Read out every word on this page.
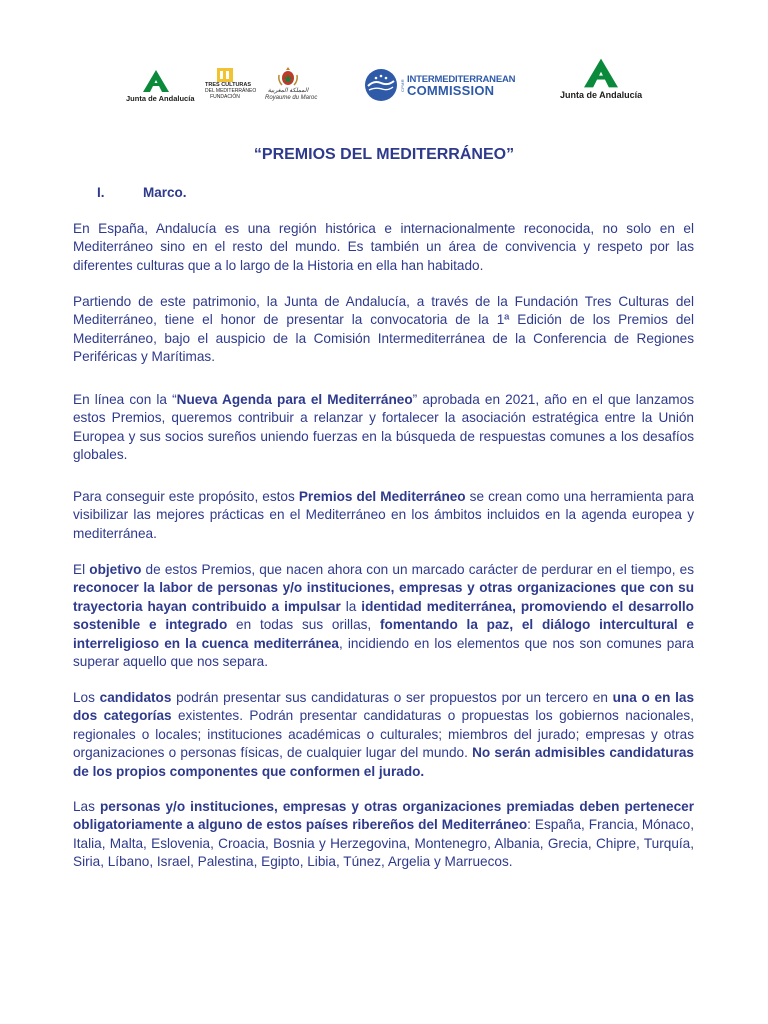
Junta de Andalucía
TRES CULTURAS
DEL MEDITERRÁNEO
FUNDACIÓN
المملكة المغربية
Royaume du Maroc
CPMR INTERMEDITERRANEAN
COMMISSION	Junta de Andalucía
“PREMIOS DEL MEDITERRÁNEO”
I.	Marco.

En España, Andalucía es una región histórica e internacionalmente reconocida, no solo en el Mediterráneo sino en el resto del mundo. Es también un área de convivencia y respeto por las diferentes culturas que a lo largo de la Historia en ella han habitado.

Partiendo de este patrimonio, la Junta de Andalucía, a través de la Fundación Tres Culturas del Mediterráneo, tiene el honor de presentar la convocatoria de la 1ª Edición de los Premios del Mediterráneo, bajo el auspicio de la Comisión Intermediterránea de la Conferencia de Regiones Periféricas y Marítimas.

En línea con la “Nueva Agenda para el Mediterráneo” aprobada en 2021, año en el que lanzamos estos Premios, queremos contribuir a relanzar y fortalecer la asociación estratégica entre la Unión Europea y sus socios sureños uniendo fuerzas en la búsqueda de respuestas comunes a los desafíos globales.

Para conseguir este propósito, estos Premios del Mediterráneo se crean como una herramienta para visibilizar las mejores prácticas en el Mediterráneo en los ámbitos incluidos en la agenda europea y mediterránea.

El objetivo de estos Premios, que nacen ahora con un marcado carácter de perdurar en el tiempo, es reconocer la labor de personas y/o instituciones, empresas y otras organizaciones que con su trayectoria hayan contribuido a impulsar la identidad mediterránea, promoviendo el desarrollo sostenible e integrado en todas sus orillas, fomentando la paz, el diálogo intercultural e interreligioso en la cuenca mediterránea, incidiendo en los elementos que nos son comunes para superar aquello que nos separa.

Los candidatos podrán presentar sus candidaturas o ser propuestos por un tercero en una o en las dos categorías existentes. Podrán presentar candidaturas o propuestas los gobiernos nacionales, regionales o locales; instituciones académicas o culturales; miembros del jurado; empresas y otras organizaciones o personas físicas, de cualquier lugar del mundo. No serán admisibles candidaturas de los propios componentes que conformen el jurado.

Las personas y/o instituciones, empresas y otras organizaciones premiadas deben pertenecer obligatoriamente a alguno de estos países ribereños del Mediterráneo: España, Francia, Mónaco, Italia, Malta, Eslovenia, Croacia, Bosnia y Herzegovina, Montenegro, Albania, Grecia, Chipre, Turquía, Siria, Líbano, Israel, Palestina, Egipto, Libia, Túnez, Argelia y Marruecos.
